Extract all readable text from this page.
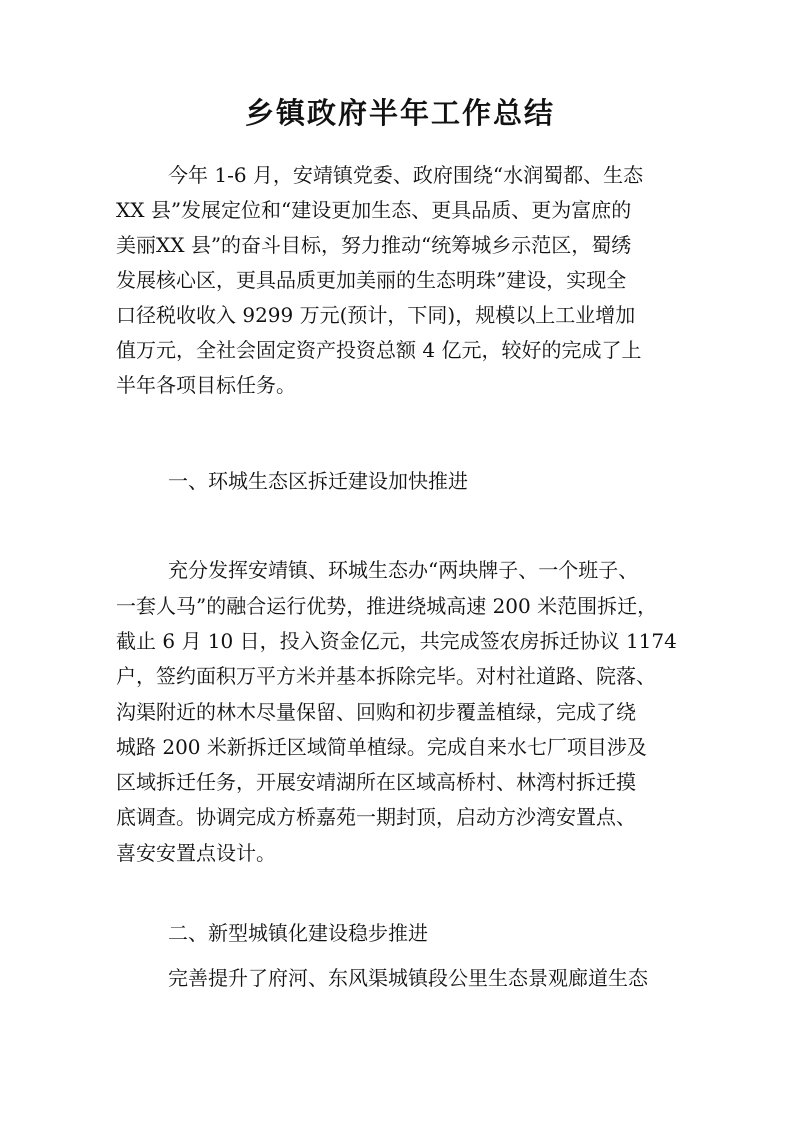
乡镇政府半年工作总结
今年 1-6 月，安靖镇党委、政府围绕“水润蜀都、生态
XX 县”发展定位和“建设更加生态、更具品质、更为富庶的
美丽XX 县”的奋斗目标，努力推动“统筹城乡示范区，蜀绣
发展核心区，更具品质更加美丽的生态明珠”建设，实现全
口径税收收入 9299 万元(预计，下同)，规模以上工业增加
值万元，全社会固定资产投资总额 4 亿元，较好的完成了上
半年各项目标任务。
一、环城生态区拆迁建设加快推进
充分发挥安靖镇、环城生态办“两块牌子、一个班子、
一套人马”的融合运行优势，推进绕城高速 200 米范围拆迁，
截止 6 月 10 日，投入资金亿元，共完成签农房拆迁协议 1174
户，签约面积万平方米并基本拆除完毕。对村社道路、院落、
沟渠附近的林木尽量保留、回购和初步覆盖植绿，完成了绕
城路 200 米新拆迁区域简单植绿。完成自来水七厂项目涉及
区域拆迁任务，开展安靖湖所在区域高桥村、林湾村拆迁摸
底调查。协调完成方桥嘉苑一期封顶，启动方沙湾安置点、
喜安安置点设计。
二、新型城镇化建设稳步推进
完善提升了府河、东风渠城镇段公里生态景观廊道生态
